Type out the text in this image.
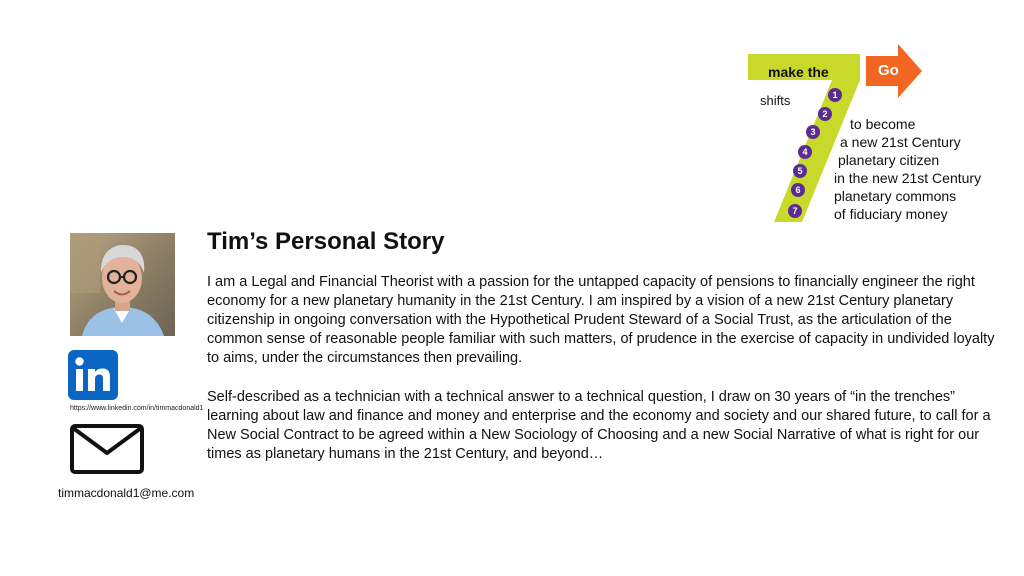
1
2
3
4
5
6
7
make the	Go
shifts
to become
a new 21st Century
planetary citizen
in the new 21st Century
planetary commons
of fiduciary money
https://www.linkedin.com/in/timmacdonald1
timmacdonald1@me.com
Tim’s Personal Story

I am a Legal and Financial Theorist with a passion for the untapped capacity of pensions to financially engineer the right economy for a new planetary humanity in the 21st Century. I am inspired by a vision of a new 21st Century planetary citizenship in ongoing conversation with the Hypothetical Prudent Steward of a Social Trust, as the articulation of the common sense of reasonable people familiar with such matters, of prudence in the exercise of capacity in undivided loyalty to aims, under the circumstances then prevailing.

Self-described as a technician with a technical answer to a technical question, I draw on 30 years of “in the trenches” learning about law and finance and money and enterprise and the economy and society and our shared future, to call for a New Social Contract to be agreed within a New Sociology of Choosing and a new Social Narrative of what is right for our times as planetary humans in the 21st Century, and beyond…
